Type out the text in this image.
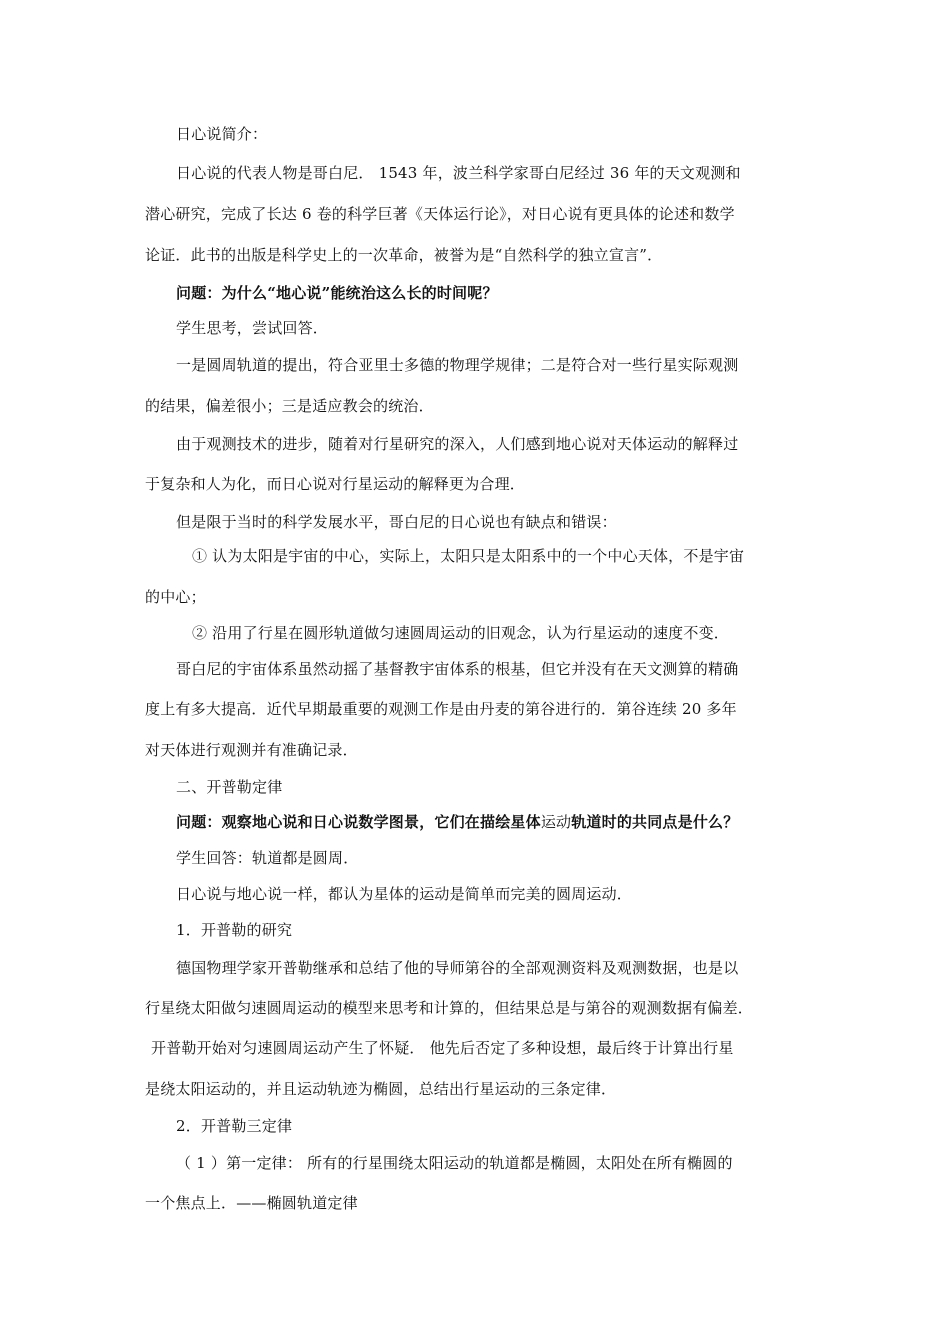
日心说简介：
日心说的代表人物是哥白尼． 1543 年，波兰科学家哥白尼经过 36 年的天文观测和
潜心研究，完成了长达 6 卷的科学巨著《天体运行论》，对日心说有更具体的论述和数学
论证．此书的出版是科学史上的一次革命，被誉为是“自然科学的独立宣言”．
问题：为什么“地心说”能统治这么长的时间呢？
学生思考，尝试回答．
一是圆周轨道的提出，符合亚里士多德的物理学规律；二是符合对一些行星实际观测
的结果，偏差很小；三是适应教会的统治．
由于观测技术的进步，随着对行星研究的深入，人们感到地心说对天体运动的解释过
于复杂和人为化，而日心说对行星运动的解释更为合理．
但是限于当时的科学发展水平，哥白尼的日心说也有缺点和错误：
① 认为太阳是宇宙的中心，实际上，太阳只是太阳系中的一个中心天体，不是宇宙
的中心；
② 沿用了行星在圆形轨道做匀速圆周运动的旧观念，认为行星运动的速度不变．
哥白尼的宇宙体系虽然动摇了基督教宇宙体系的根基，但它并没有在天文测算的精确
度上有多大提高．近代早期最重要的观测工作是由丹麦的第谷进行的．第谷连续 20 多年
对天体进行观测并有准确记录．
二、开普勒定律
问题：观察地心说和日心说数学图景，它们在描绘星体运动轨道时的共同点是什么？
学生回答：轨道都是圆周．
日心说与地心说一样，都认为星体的运动是简单而完美的圆周运动．
1．开普勒的研究
德国物理学家开普勒继承和总结了他的导师第谷的全部观测资料及观测数据，也是以
行星绕太阳做匀速圆周运动的模型来思考和计算的，但结果总是与第谷的观测数据有偏差．
开普勒开始对匀速圆周运动产生了怀疑． 他先后否定了多种设想，最后终于计算出行星
是绕太阳运动的，并且运动轨迹为椭圆，总结出行星运动的三条定律．
2．开普勒三定律
（ 1 ）第一定律： 所有的行星围绕太阳运动的轨道都是椭圆，太阳处在所有椭圆的
一个焦点上．——椭圆轨道定律
